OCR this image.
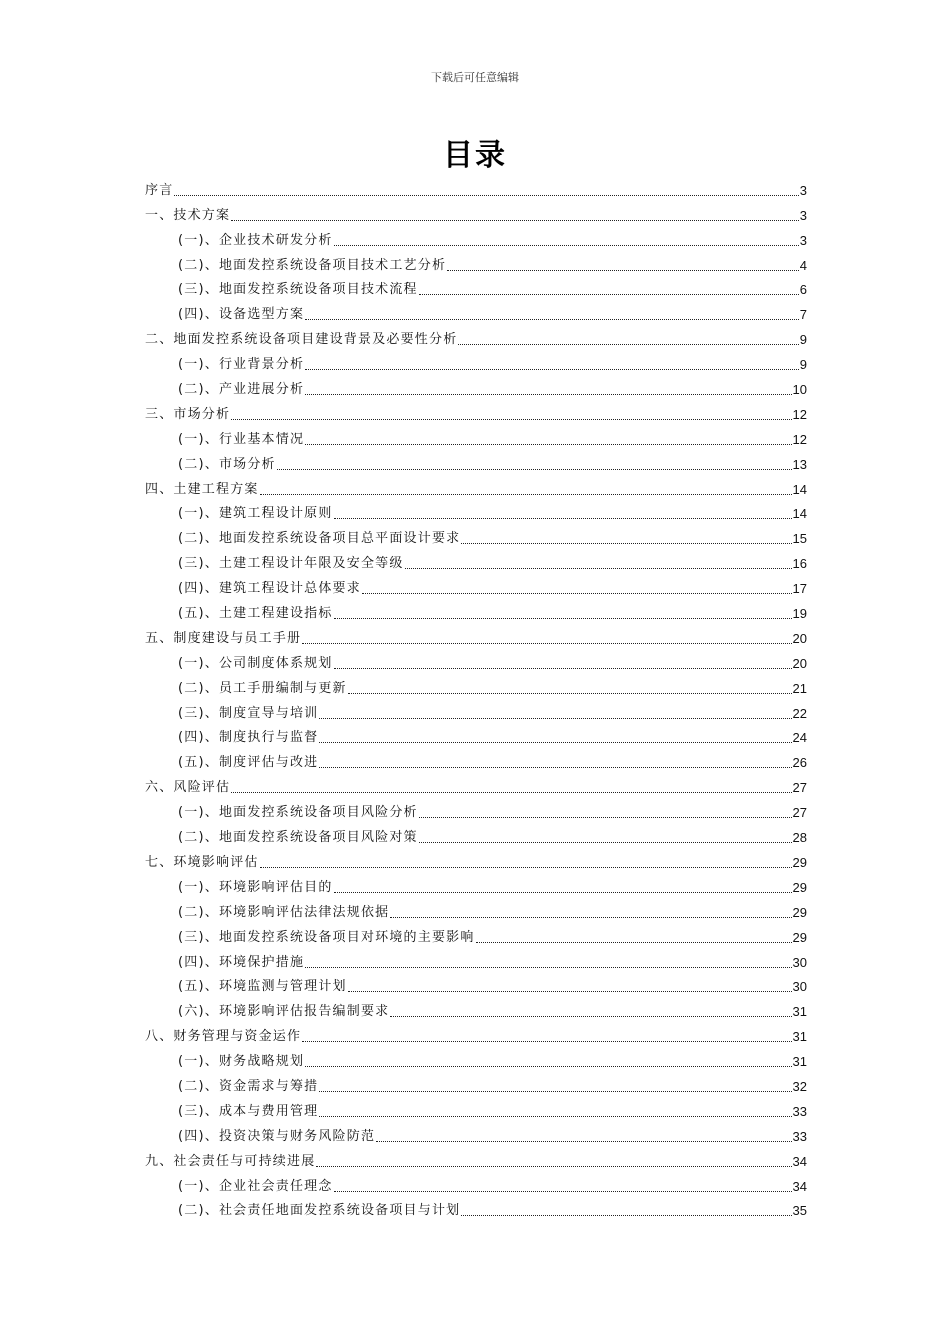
下载后可任意编辑
目录
序言	3
一、技术方案	3
(一)、企业技术研发分析	3
(二)、地面发控系统设备项目技术工艺分析	4
(三)、地面发控系统设备项目技术流程	6
(四)、设备选型方案	7
二、地面发控系统设备项目建设背景及必要性分析	9
(一)、行业背景分析	9
(二)、产业进展分析	10
三、市场分析	12
(一)、行业基本情况	12
(二)、市场分析	13
四、土建工程方案	14
(一)、建筑工程设计原则	14
(二)、地面发控系统设备项目总平面设计要求	15
(三)、土建工程设计年限及安全等级	16
(四)、建筑工程设计总体要求	17
(五)、土建工程建设指标	19
五、制度建设与员工手册	20
(一)、公司制度体系规划	20
(二)、员工手册编制与更新	21
(三)、制度宣导与培训	22
(四)、制度执行与监督	24
(五)、制度评估与改进	26
六、风险评估	27
(一)、地面发控系统设备项目风险分析	27
(二)、地面发控系统设备项目风险对策	28
七、环境影响评估	29
(一)、环境影响评估目的	29
(二)、环境影响评估法律法规依据	29
(三)、地面发控系统设备项目对环境的主要影响	29
(四)、环境保护措施	30
(五)、环境监测与管理计划	30
(六)、环境影响评估报告编制要求	31
八、财务管理与资金运作	31
(一)、财务战略规划	31
(二)、资金需求与筹措	32
(三)、成本与费用管理	33
(四)、投资决策与财务风险防范	33
九、社会责任与可持续进展	34
(一)、企业社会责任理念	34
(二)、社会责任地面发控系统设备项目与计划	35
